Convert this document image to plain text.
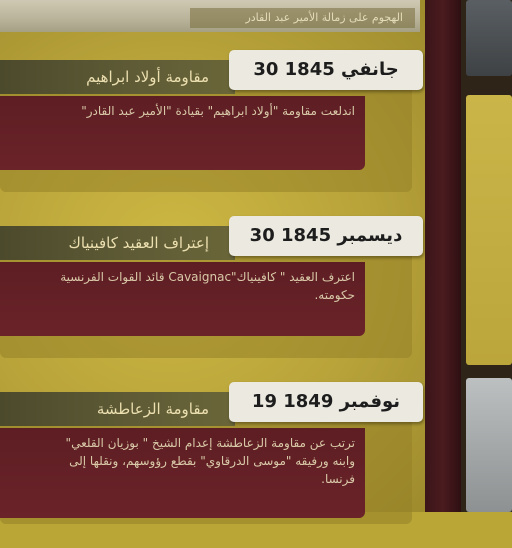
الهجوم على زمالة الأمير عبد القادر
مقاومة أولاد ابراهيم	30 جانفي 1845
اندلعت مقاومة "أولاد ابراهيم" بقيادة "الأمير عبد القادر"
إعتراف العقيد كافينياك	30 ديسمبر 1845
اعترف العقيد " كافينياك"Cavaignac قائد القوات الفرنسية
حكومته.
مقاومة الزعاطشة	19 نوفمبر 1849
ترتب عن مقاومة الزعاطشة إعدام الشيخ " بوزيان القلعي"
وابنه ورفيقه "موسى الدرقاوي" بقطع رؤوسهم، ونقلها إلى
فرنسا.
